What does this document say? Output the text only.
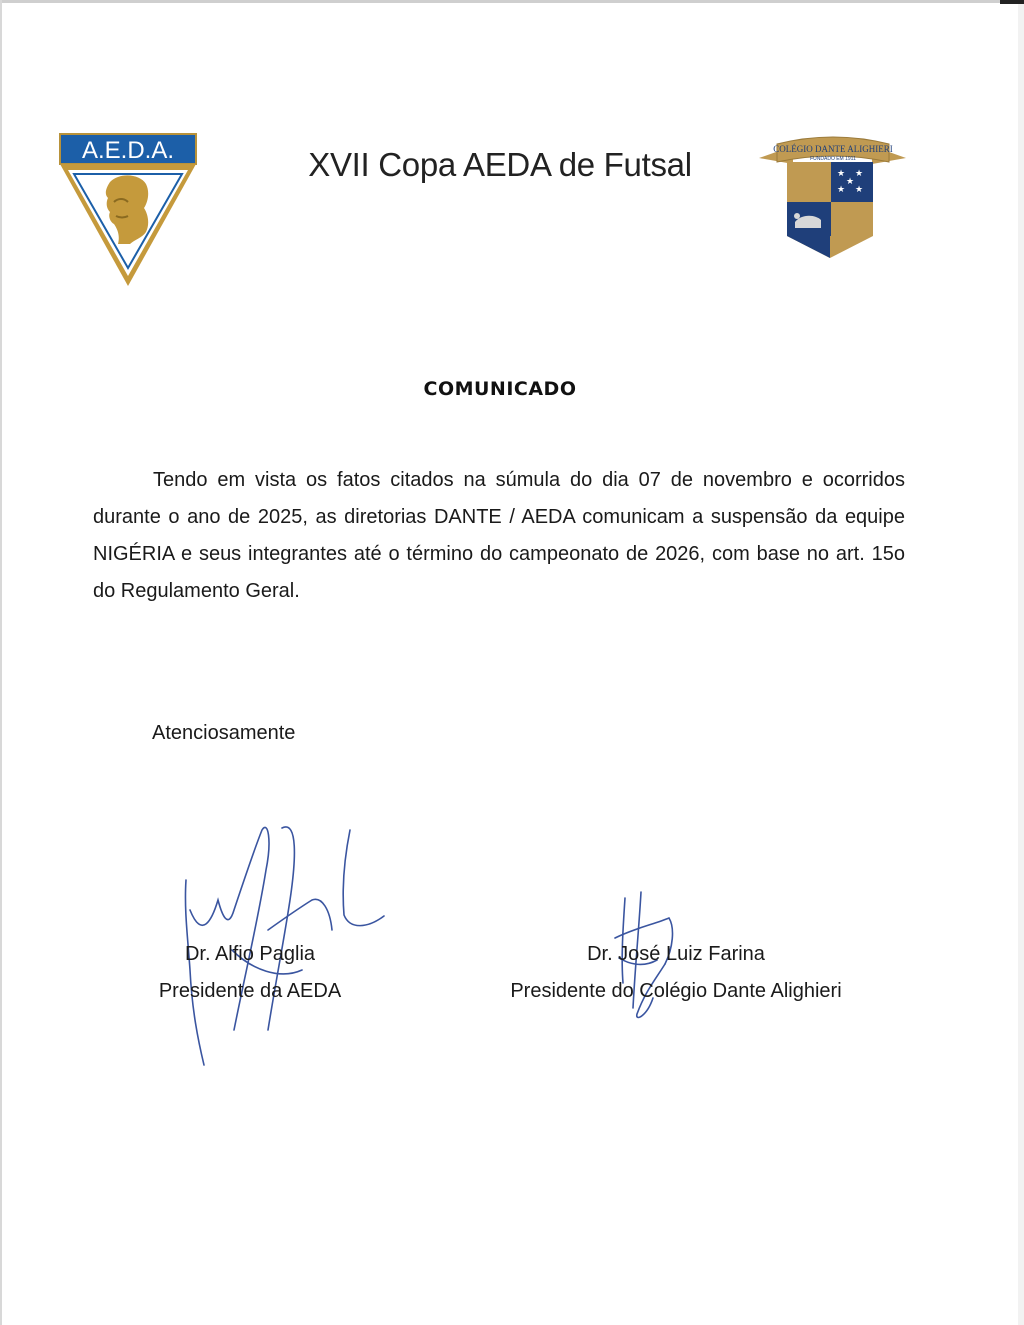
A.E.D.A.	XVII Copa AEDA de Futsal	COLÉGIO DANTE ALIGHIERI
FUNDADO EM 1911
★ ★
★ ★
★
COMUNICADO

Tendo em vista os fatos citados na súmula do dia 07 de novembro e ocorridos durante o ano de 2025, as diretorias DANTE / AEDA comunicam a suspensão da equipe NIGÉRIA e seus integrantes até o término do campeonato de 2026, com base no art. 15o do Regulamento Geral.

Atenciosamente
Dr. Alfio Paglia
Presidente da AEDA
Dr. José Luiz Farina
Presidente do Colégio Dante Alighieri
